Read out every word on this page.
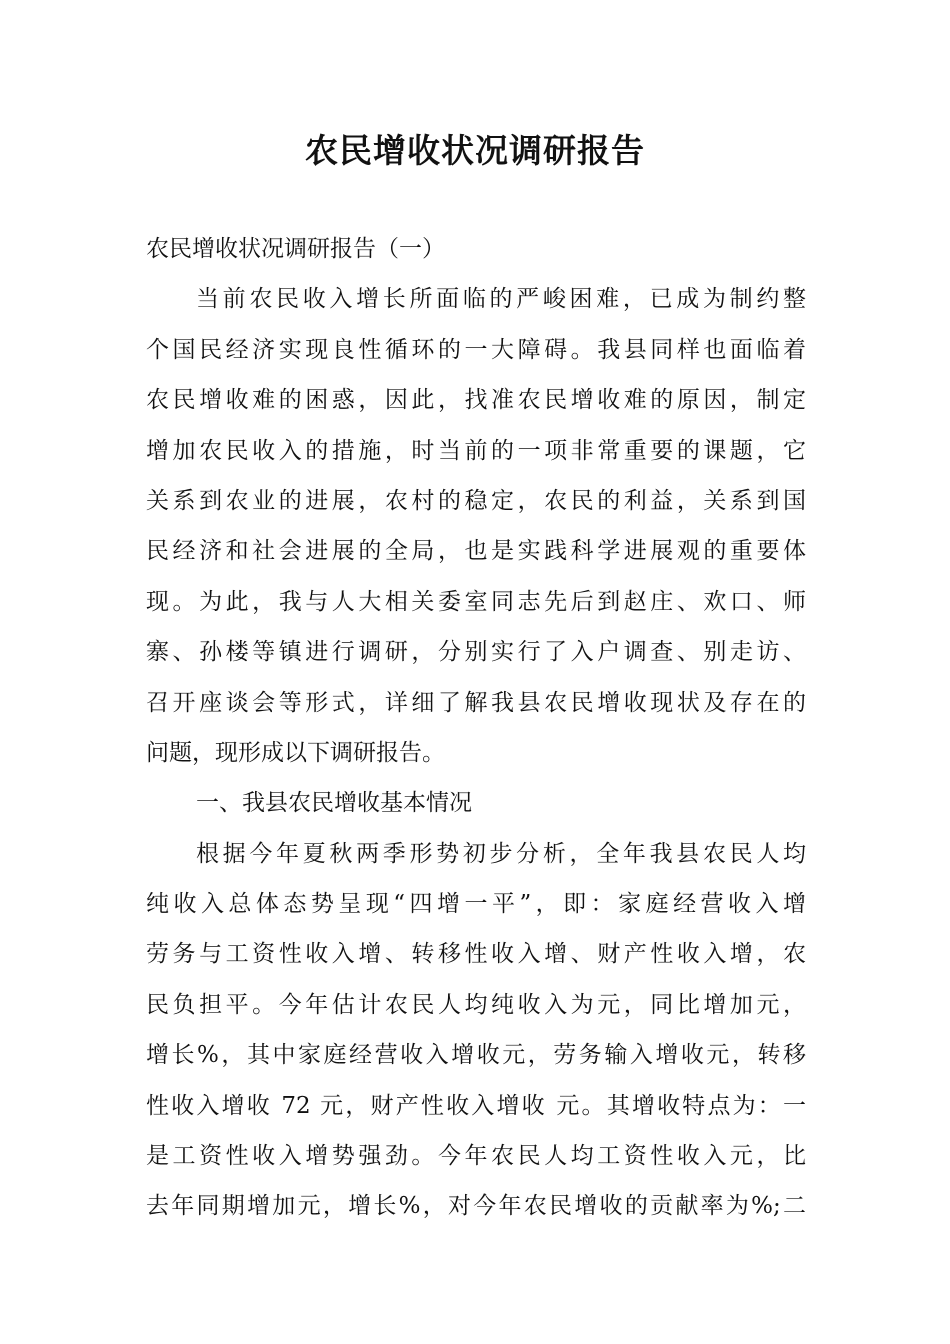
农民增收状况调研报告
农民增收状况调研报告（一）
当前农民收入增长所面临的严峻困难，已成为制约整
个国民经济实现良性循环的一大障碍。我县同样也面临着
农民增收难的困惑，因此，找准农民增收难的原因，制定
增加农民收入的措施，时当前的一项非常重要的课题，它
关系到农业的进展，农村的稳定，农民的利益，关系到国
民经济和社会进展的全局，也是实践科学进展观的重要体
现。为此，我与人大相关委室同志先后到赵庄、欢口、师
寨、孙楼等镇进行调研，分别实行了入户调查、别走访、
召开座谈会等形式，详细了解我县农民增收现状及存在的
问题，现形成以下调研报告。
一、我县农民增收基本情况
根据今年夏秋两季形势初步分析，全年我县农民人均
纯收入总体态势呈现“四增一平”，即：家庭经营收入增
劳务与工资性收入增、转移性收入增、财产性收入增，农
民负担平。今年估计农民人均纯收入为元，同比增加元，
增长%，其中家庭经营收入增收元，劳务输入增收元，转移
性收入增收 72 元，财产性收入增收 元。其增收特点为：一
是工资性收入增势强劲。今年农民人均工资性收入元，比
去年同期增加元，增长%，对今年农民增收的贡献率为%;二
